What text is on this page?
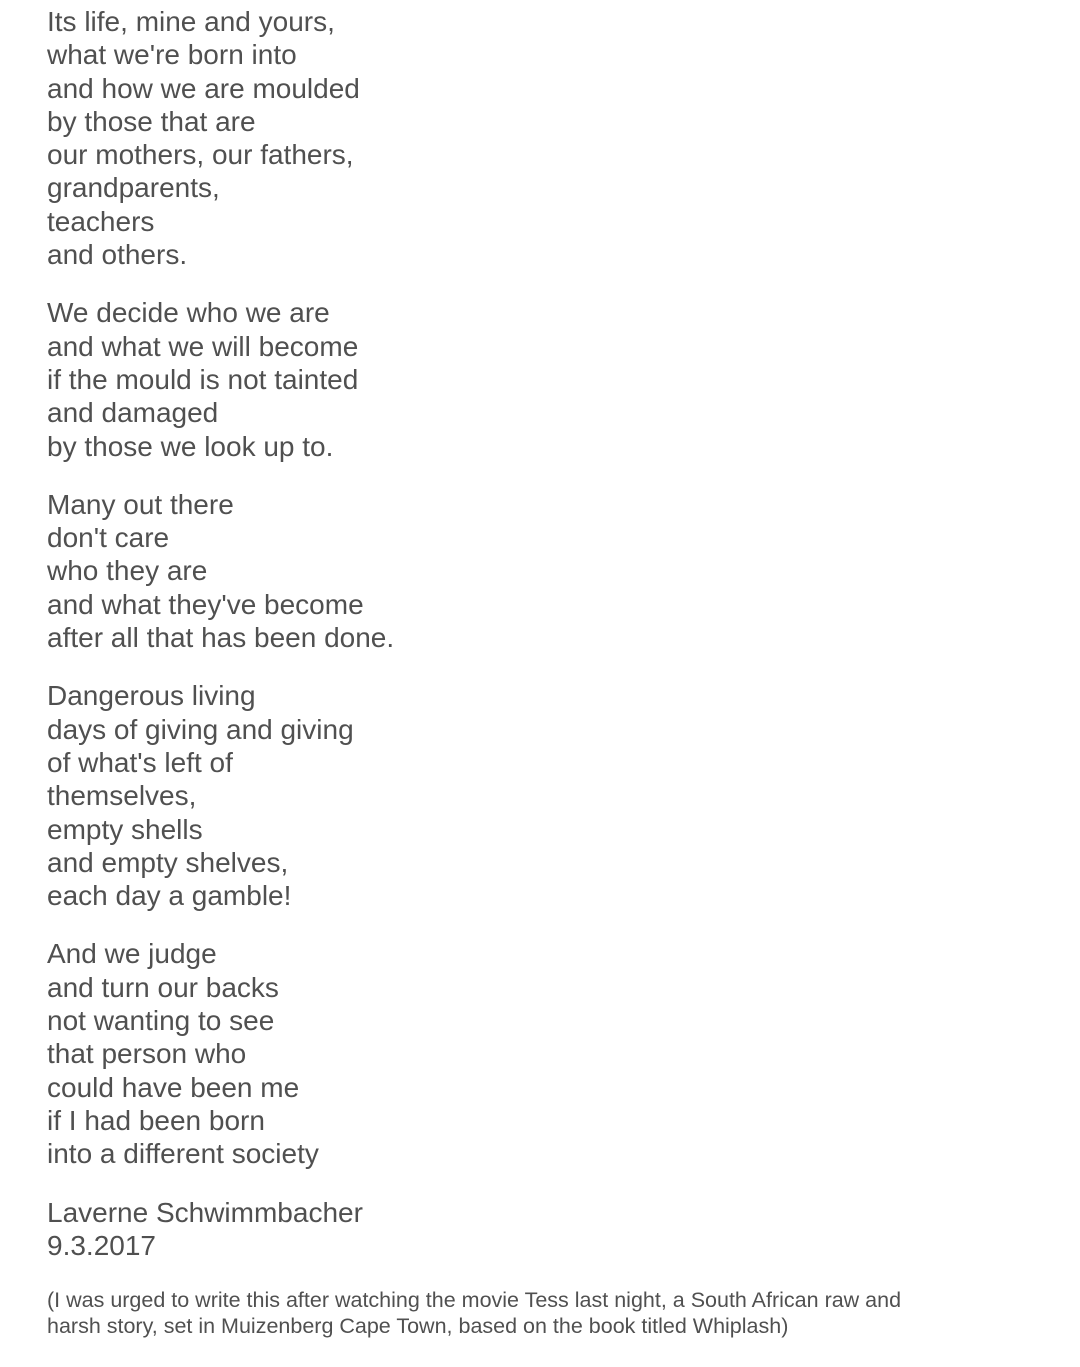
Its life, mine and yours,
what we're born into
and how we are moulded
by those that are
our mothers, our fathers,
grandparents,
teachers
and others.
We decide who we are
and what we will become
if the mould is not tainted
and damaged
by those we look up to.
Many out there
don't care
who they are
and what they've become
after all that has been done.
Dangerous living
days of giving and giving
of what's left of
themselves,
empty shells
and empty shelves,
each day a gamble!
And we judge
and turn our backs
not wanting to see
that person who
could have been me
if I had been born
into a different society
Laverne Schwimmbacher
9.3.2017
(I was urged to write this after watching the movie Tess last night, a South African raw and
harsh story, set in Muizenberg Cape Town, based on the book titled Whiplash)
